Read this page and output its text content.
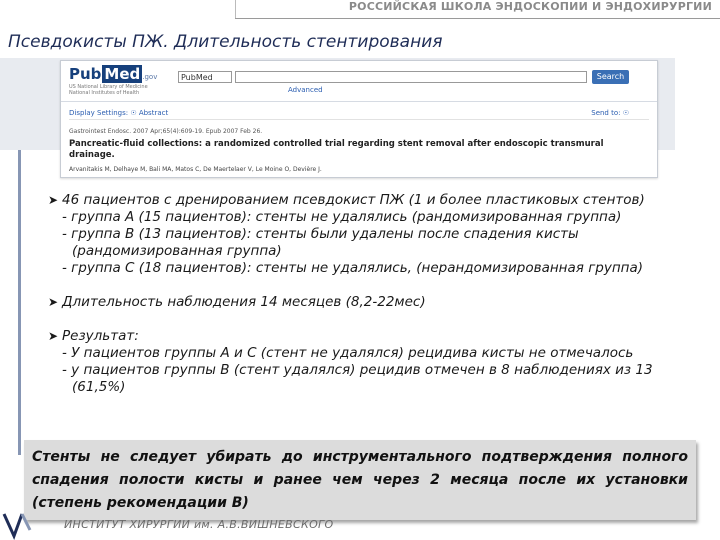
РОССИЙСКАЯ ШКОЛА ЭНДОСКОПИИ И ЭНДОХИРУРГИИ
Псевдокисты ПЖ. Длительность стентирования
Pub Med .gov
US National Library of Medicine
National Institutes of Health
PubMed	Search
Advanced
Display Settings: ☉ Abstract	Send to: ☉
Gastrointest Endosc. 2007 Apr;65(4):609-19. Epub 2007 Feb 26.
Pancreatic-fluid collections: a randomized controlled trial regarding stent removal after endoscopic transmural drainage.
Arvanitakis M, Delhaye M, Bali MA, Matos C, De Maertelaer V, Le Moine O, Devière J.
➤ 46 пациентов с дренированием псевдокист ПЖ (1 и более пластиковых стентов)
- группа А (15 пациентов): стенты не удалялись (рандомизированная группа)
- группа В (13 пациентов): стенты были удалены после спадения кисты
(рандомизированная группа)
- группа С (18 пациентов): стенты не удалялись, (нерандомизированная группа)
➤ Длительность наблюдения 14 месяцев (8,2-22мес)
➤ Результат:
- У пациентов группы А и С (стент не удалялся) рецидива кисты не отмечалось
- у пациентов группы В (стент удалялся) рецидив отмечен в 8 наблюдениях из 13
(61,5%)
Стенты не следует убирать до инструментального подтверждения полного спадения полости кисты и ранее чем через 2 месяца после их установки (степень рекомендации В)
ИНСТИТУТ ХИРУРГИИ им. А.В.ВИШНЕВСКОГО
